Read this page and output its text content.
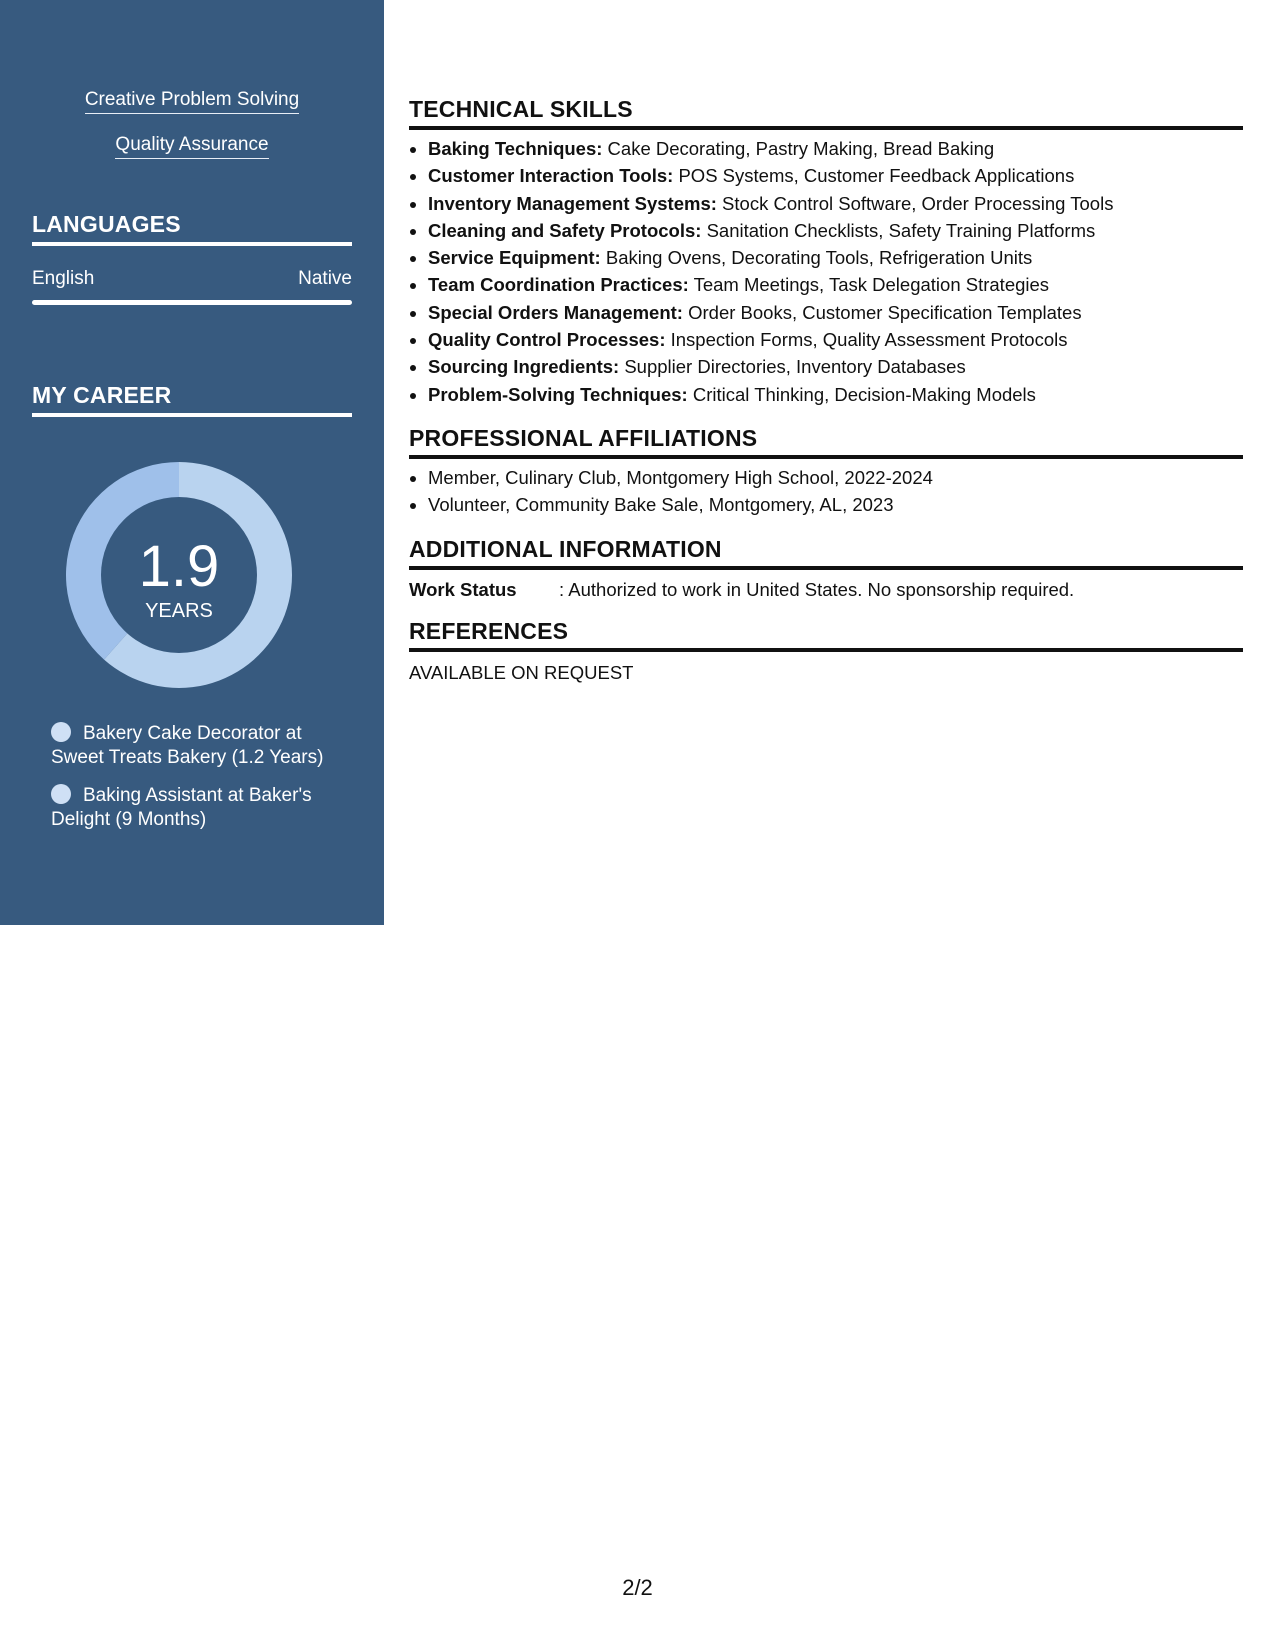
Creative Problem Solving
Quality Assurance
LANGUAGES
English	Native
MY CAREER
1.9
YEARS
Bakery Cake Decorator at Sweet Treats Bakery (1.2 Years)
Baking Assistant at Baker's Delight (9 Months)
TECHNICAL SKILLS
• Baking Techniques: Cake Decorating, Pastry Making, Bread Baking
• Customer Interaction Tools: POS Systems, Customer Feedback Applications
• Inventory Management Systems: Stock Control Software, Order Processing Tools
• Cleaning and Safety Protocols: Sanitation Checklists, Safety Training Platforms
• Service Equipment: Baking Ovens, Decorating Tools, Refrigeration Units
• Team Coordination Practices: Team Meetings, Task Delegation Strategies
• Special Orders Management: Order Books, Customer Specification Templates
• Quality Control Processes: Inspection Forms, Quality Assessment Protocols
• Sourcing Ingredients: Supplier Directories, Inventory Databases
• Problem-Solving Techniques: Critical Thinking, Decision-Making Models
PROFESSIONAL AFFILIATIONS
• Member, Culinary Club, Montgomery High School, 2022-2024
• Volunteer, Community Bake Sale, Montgomery, AL, 2023
ADDITIONAL INFORMATION
Work Status	: Authorized to work in United States. No sponsorship required.
REFERENCES
AVAILABLE ON REQUEST
2/2
